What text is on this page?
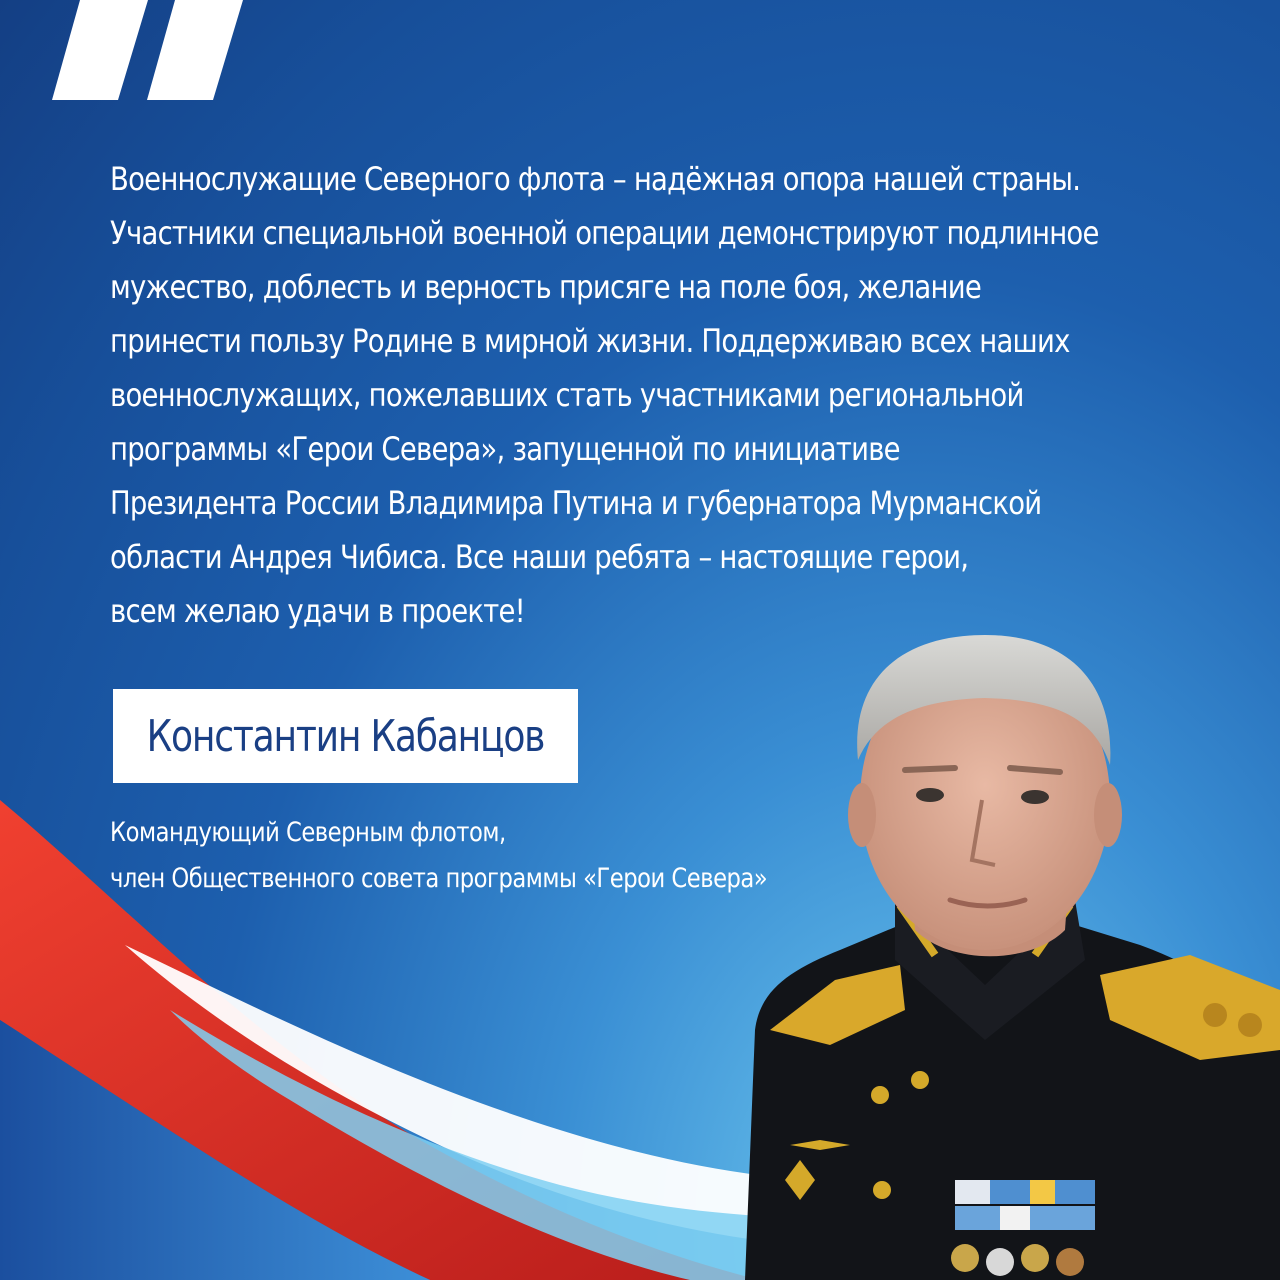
Военнослужащие Северного флота – надёжная опора нашей страны.
Участники специальной военной операции демонстрируют подлинное
мужество, доблесть и верность присяге на поле боя, желание
принести пользу Родине в мирной жизни. Поддерживаю всех наших
военнослужащих, пожелавших стать участниками региональной
программы «Герои Севера», запущенной по инициативе
Президента России Владимира Путина и губернатора Мурманской
области Андрея Чибиса. Все наши ребята – настоящие герои,
всем желаю удачи в проекте!

Константин Кабанцов

Командующий Северным флотом,
член Общественного совета программы «Герои Севера»
